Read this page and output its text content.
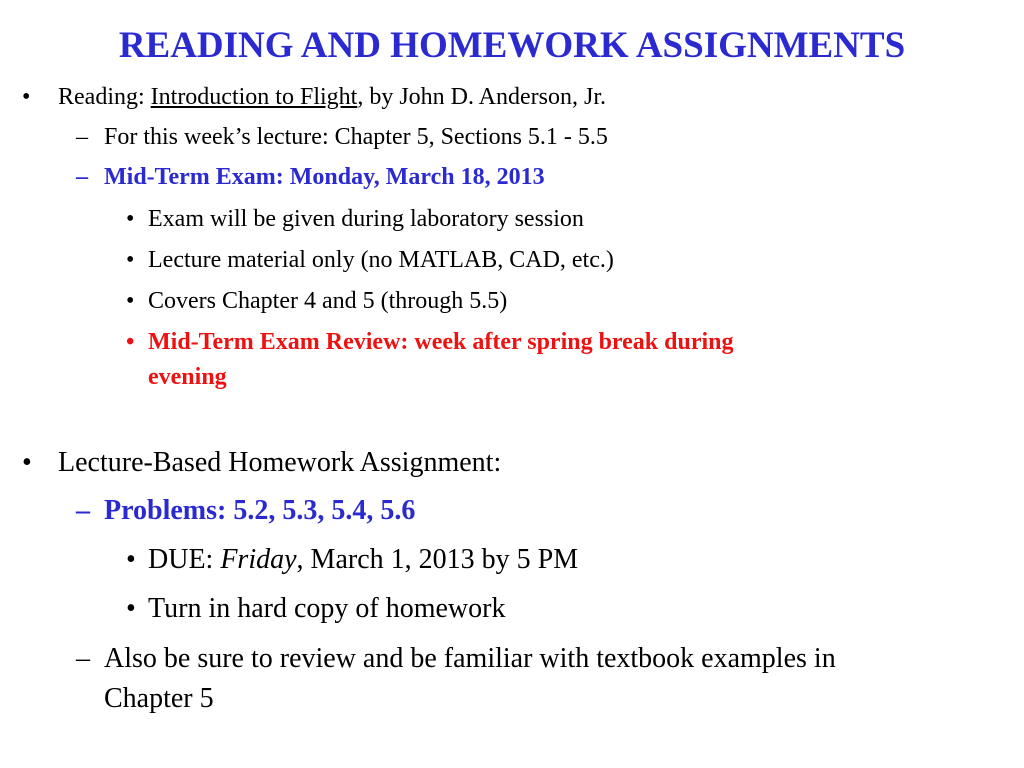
READING AND HOMEWORK ASSIGNMENTS
• Reading: Introduction to Flight, by John D. Anderson, Jr.
– For this week’s lecture: Chapter 5, Sections 5.1 - 5.5
– Mid-Term Exam: Monday, March 18, 2013
• Exam will be given during laboratory session
• Lecture material only (no MATLAB, CAD, etc.)
• Covers Chapter 4 and 5 (through 5.5)
• Mid-Term Exam Review: week after spring break during
evening
• Lecture-Based Homework Assignment:
– Problems: 5.2, 5.3, 5.4, 5.6
• DUE: Friday, March 1, 2013 by 5 PM
• Turn in hard copy of homework
– Also be sure to review and be familiar with textbook examples in
Chapter 5
